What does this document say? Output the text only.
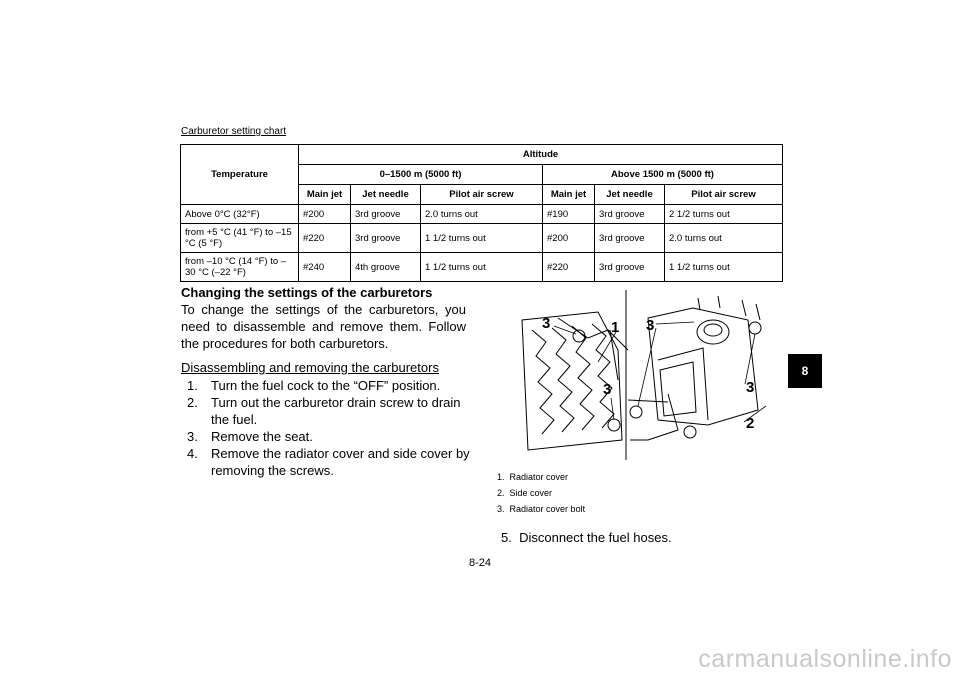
Carburetor setting chart
Temperature	Altitude					
	0–1500 m (5000 ft)			Above 1500 m (5000 ft)		
	Main jet	Jet needle	Pilot air screw	Main jet	Jet needle	Pilot air screw
Above 0°C (32°F)	#200	3rd groove	2.0 turns out	#190	3rd groove	2 1/2 turns out
from +5 °C (41 °F) to –15 °C (5 °F)	#220	3rd groove	1 1/2 turns out	#200	3rd groove	2.0 turns out
from –10 °C (14 °F) to –30 °C (–22 °F)	#240	4th groove	1 1/2 turns out	#220	3rd groove	1 1/2 turns out
Changing the settings of the carburetors
To change the settings of the carburetors, you need to disassemble and remove them. Follow the procedures for both carburetors.
Disassembling and removing the carburetors
1. Turn the fuel cock to the “OFF” position.
2. Turn out the carburetor drain screw to drain the fuel.
3. Remove the seat.
4. Remove the radiator cover and side cover by removing the screws.
3	1
3
3
3
2
1. Radiator cover
2. Side cover
3. Radiator cover bolt
5. Disconnect the fuel hoses.
8-24
8
carmanualsonline.info
